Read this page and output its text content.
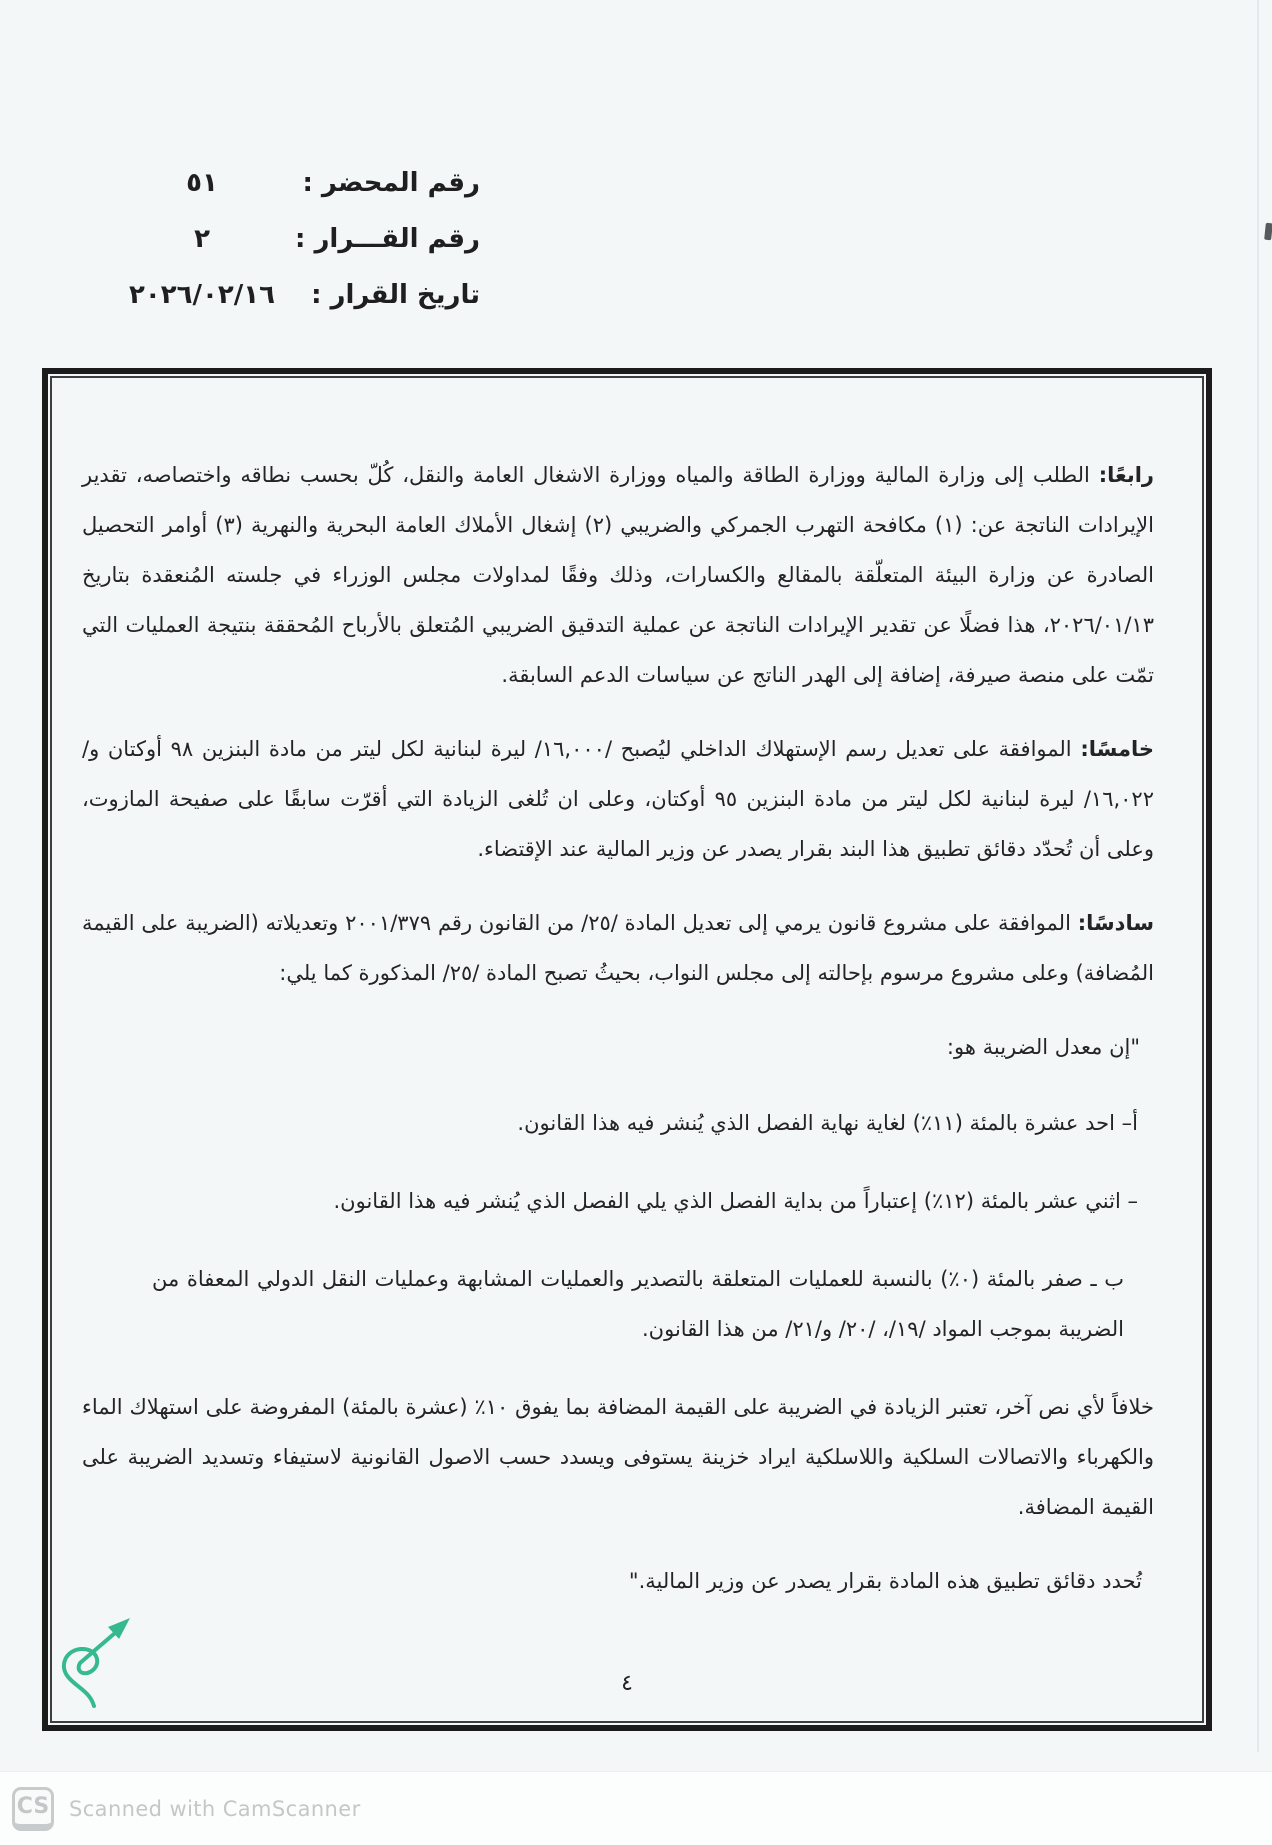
رقم المحضر :
٥١
رقم القـــرار :
٢
تاريخ القرار :
٢٠٢٦/٠٢/١٦
رابعًا: الطلب إلى وزارة المالية ووزارة الطاقة والمياه ووزارة الاشغال العامة والنقل، كُلّ بحسب نطاقه واختصاصه، تقدير الإيرادات الناتجة عن: (١) مكافحة التهرب الجمركي والضريبي (٢) إشغال الأملاك العامة البحرية والنهرية (٣) أوامر التحصيل الصادرة عن وزارة البيئة المتعلّقة بالمقالع والكسارات، وذلك وفقًا لمداولات مجلس الوزراء في جلسته المُنعقدة بتاريخ ٢٠٢٦/٠١/١٣، هذا فضلًا عن تقدير الإيرادات الناتجة عن عملية التدقيق الضريبي المُتعلق بالأرباح المُحققة بنتيجة العمليات التي تمّت على منصة صيرفة، إضافة إلى الهدر الناتج عن سياسات الدعم السابقة.
خامسًا: الموافقة على تعديل رسم الإستهلاك الداخلي ليُصبح /١٦,٠٠٠/ ليرة لبنانية لكل ليتر من مادة البنزين ٩٨ أوكتان و/١٦,٠٢٢/ ليرة لبنانية لكل ليتر من مادة البنزين ٩٥ أوكتان، وعلى ان تُلغى الزيادة التي أقرّت سابقًا على صفيحة المازوت، وعلى أن تُحدّد دقائق تطبيق هذا البند بقرار يصدر عن وزير المالية عند الإقتضاء.
سادسًا: الموافقة على مشروع قانون يرمي إلى تعديل المادة /٢٥/ من القانون رقم ٢٠٠١/٣٧٩ وتعديلاته (الضريبة على القيمة المُضافة) وعلى مشروع مرسوم بإحالته إلى مجلس النواب، بحيثُ تصبح المادة /٢٥/ المذكورة كما يلي:
"إن معدل الضريبة هو:
أ– احد عشرة بالمئة (١١٪) لغاية نهاية الفصل الذي يُنشر فيه هذا القانون.
– اثني عشر بالمئة (١٢٪) إعتباراً من بداية الفصل الذي يلي الفصل الذي يُنشر فيه هذا القانون.
ب ـ صفر بالمئة (٠٪) بالنسبة للعمليات المتعلقة بالتصدير والعمليات المشابهة وعمليات النقل الدولي المعفاة من الضريبة بموجب المواد /١٩/، /٢٠/ و/٢١/ من هذا القانون.
خلافاً لأي نص آخر، تعتبر الزيادة في الضريبة على القيمة المضافة بما يفوق ١٠٪ (عشرة بالمئة) المفروضة على استهلاك الماء والكهرباء والاتصالات السلكية واللاسلكية ايراد خزينة يستوفى ويسدد حسب الاصول القانونية لاستيفاء وتسديد الضريبة على القيمة المضافة.
تُحدد دقائق تطبيق هذه المادة بقرار يصدر عن وزير المالية."
٤
CS Scanned with CamScanner
